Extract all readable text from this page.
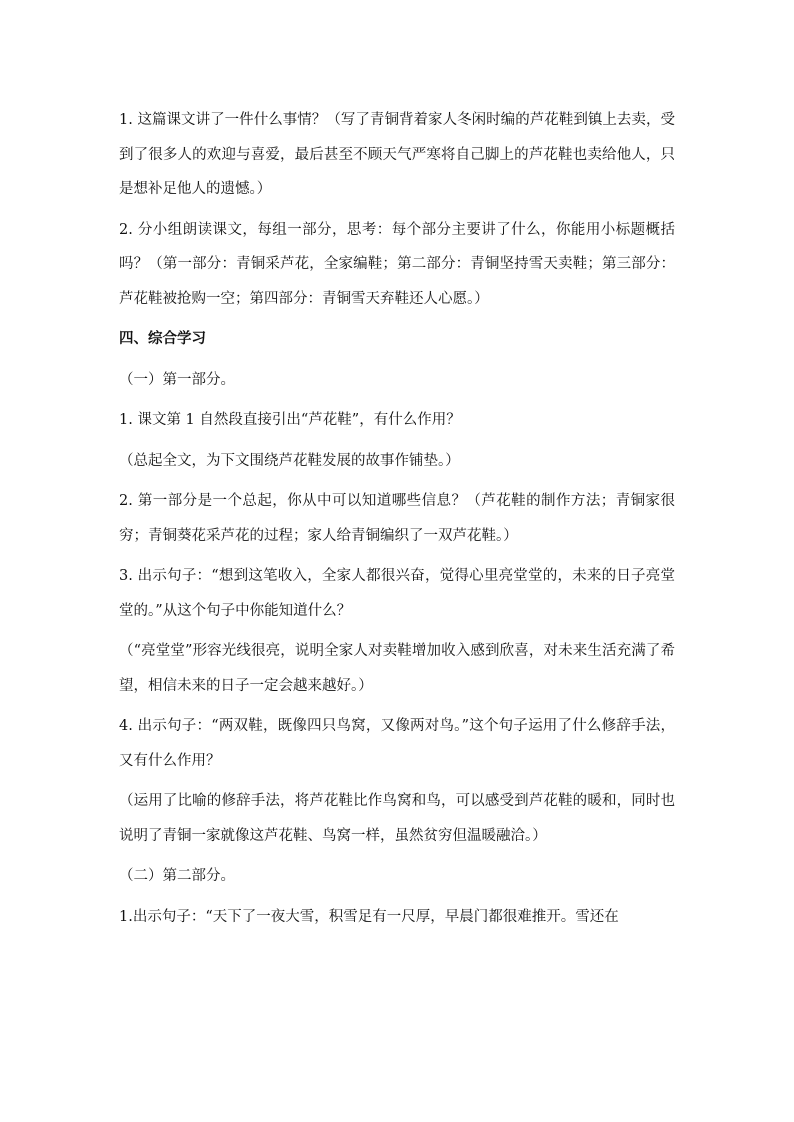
1. 这篇课文讲了一件什么事情？（写了青铜背着家人冬闲时编的芦花鞋到镇上去卖，受到了很多人的欢迎与喜爱，最后甚至不顾天气严寒将自己脚上的芦花鞋也卖给他人，只是想补足他人的遗憾。）

2. 分小组朗读课文，每组一部分，思考：每个部分主要讲了什么，你能用小标题概括吗？（第一部分：青铜采芦花，全家编鞋；第二部分：青铜坚持雪天卖鞋；第三部分：芦花鞋被抢购一空；第四部分：青铜雪天弃鞋还人心愿。）

四、综合学习

（一）第一部分。

1. 课文第 1 自然段直接引出“芦花鞋”，有什么作用？

（总起全文，为下文围绕芦花鞋发展的故事作铺垫。）

2. 第一部分是一个总起，你从中可以知道哪些信息？（芦花鞋的制作方法；青铜家很穷；青铜葵花采芦花的过程；家人给青铜编织了一双芦花鞋。）

3. 出示句子：“想到这笔收入，全家人都很兴奋，觉得心里亮堂堂的，未来的日子亮堂堂的。”从这个句子中你能知道什么？

（“亮堂堂”形容光线很亮，说明全家人对卖鞋增加收入感到欣喜，对未来生活充满了希望，相信未来的日子一定会越来越好。）

4. 出示句子：“两双鞋，既像四只鸟窝，又像两对鸟。”这个句子运用了什么修辞手法，又有什么作用？

（运用了比喻的修辞手法，将芦花鞋比作鸟窝和鸟，可以感受到芦花鞋的暖和，同时也说明了青铜一家就像这芦花鞋、鸟窝一样，虽然贫穷但温暖融洽。）

（二）第二部分。

1.出示句子：“天下了一夜大雪，积雪足有一尺厚，早晨门都很难推开。雪还在
